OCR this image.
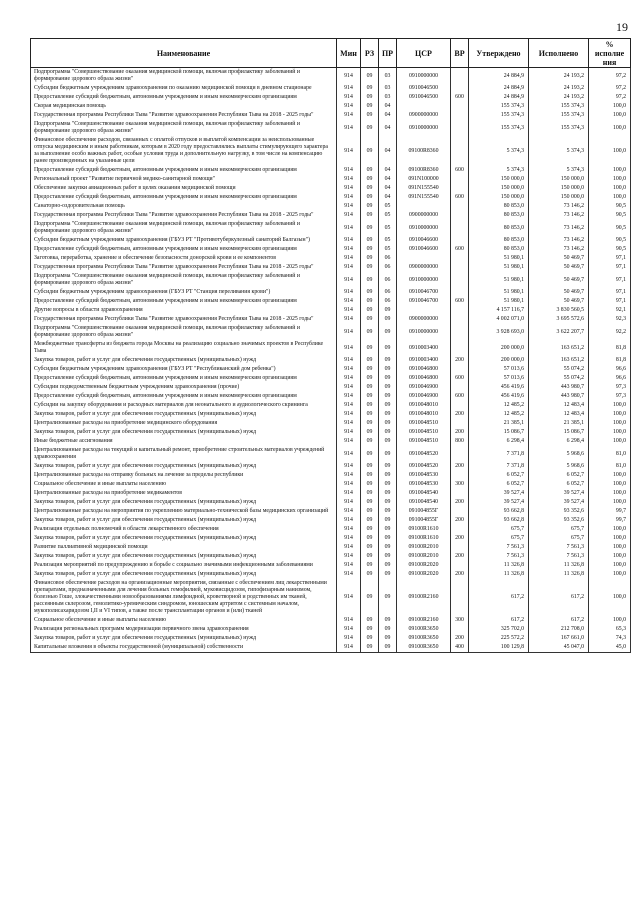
19
Наименование	Мин	РЗ	ПР	ЦСР	ВР	Утверждено	Исполнено	% исполне ния
Подпрограмма "Совершенствование оказания медицинской помощи, включая профилактику заболеваний и формирование здорового образа жизни"	914	09	03	0910000000		24 884,9	24 193,2	97,2
Субсидии бюджетным учреждениям здравоохранения по оказанию медицинской помощи в дневном стационаре	914	09	03	0910046500		24 884,9	24 193,2	97,2
Предоставление субсидий бюджетным, автономным учреждениям и иным некоммерческим организациям	914	09	03	0910046500	600	24 884,9	24 193,2	97,2
Скорая медицинская помощь	914	09	04			155 374,3	155 374,3	100,0
Государственная программа Республики Тыва "Развитие здравоохранения Республики Тыва на 2018 - 2025 годы"	914	09	04	0900000000		155 374,3	155 374,3	100,0
Подпрограмма "Совершенствование оказания медицинской помощи, включая профилактику заболеваний и формирование здорового образа жизни"	914	09	04	0910000000		155 374,3	155 374,3	100,0
Финансовое обеспечение расходов, связанных с оплатой отпусков и выплатой компенсации за неиспользованные отпуска медицинским и иным работникам, которым в 2020 году предоставлялись выплаты стимулирующего характера за выполнение особо важных работ, особые условия труда и дополнительную нагрузку, в том числе на компенсацию ранее произведенных на указанные цели	914	09	04	09100R8360		5 374,3	5 374,3	100,0
Предоставление субсидий бюджетным, автономным учреждениям и иным некоммерческим организациям	914	09	04	09100R8360	600	5 374,3	5 374,3	100,0
Региональный проект "Развитие первичной медико-санитарной помощи"	914	09	04	091N100000		150 000,0	150 000,0	100,0
Обеспечение закупки авиационных работ в целях оказания медицинской помощи	914	09	04	091N155540		150 000,0	150 000,0	100,0
Предоставление субсидий бюджетным, автономным учреждениям и иным некоммерческим организациям	914	09	04	091N155540	600	150 000,0	150 000,0	100,0
Санаторно-оздоровительная помощь	914	09	05			80 853,0	73 146,2	90,5
Государственная программа Республики Тыва "Развитие здравоохранения Республики Тыва на 2018 - 2025 годы"	914	09	05	0900000000		80 853,0	73 146,2	90,5
Подпрограмма "Совершенствование оказания медицинской помощи, включая профилактику заболеваний и формирование здорового образа жизни"	914	09	05	0910000000		80 853,0	73 146,2	90,5
Субсидии бюджетным учреждениям здравоохранения (ГБУЗ РТ "Противотуберкулезный санаторий Балгазын")	914	09	05	0910046600		80 853,0	73 146,2	90,5
Предоставление субсидий бюджетным, автономным учреждениям и иным некоммерческим организациям	914	09	05	0910046600	600	80 853,0	73 146,2	90,5
Заготовка, переработка, хранение и обеспечение безопасности донорской крови и ее компонентов	914	09	06			51 980,1	50 469,7	97,1
Государственная программа Республики Тыва "Развитие здравоохранения Республики Тыва на 2018 - 2025 годы"	914	09	06	0900000000		51 980,1	50 469,7	97,1
Подпрограмма "Совершенствование оказания медицинской помощи, включая профилактику заболеваний и формирование здорового образа жизни"	914	09	06	0910000000		51 980,1	50 469,7	97,1
Субсидии бюджетным учреждениям здравоохранения (ГБУЗ РТ "Станция переливания крови")	914	09	06	0910046700		51 980,1	50 469,7	97,1
Предоставление субсидий бюджетным, автономным учреждениям и иным некоммерческим организациям	914	09	06	0910046700	600	51 980,1	50 469,7	97,1
Другие вопросы в области здравоохранения	914	09	09			4 157 116,7	3 830 560,5	92,1
Государственная программа Республики Тыва "Развитие здравоохранения Республики Тыва на 2018 - 2025 годы"	914	09	09	0900000000		4 002 071,0	3 695 572,6	92,3
Подпрограмма "Совершенствование оказания медицинской помощи, включая профилактику заболеваний и формирование здорового образа жизни"	914	09	09	0910000000		3 928 693,0	3 622 207,7	92,2
Межбюджетные трансферты из бюджета города Москвы на реализацию социально значимых проектов в Республике Тыва	914	09	09	0910003400		200 000,0	163 651,2	81,8
Закупка товаров, работ и услуг для обеспечения государственных (муниципальных) нужд	914	09	09	0910003400	200	200 000,0	163 651,2	81,8
Субсидии бюджетным учреждениям здравоохранения (ГБУЗ РТ "Республиканский дом ребенка")	914	09	09	0910046800		57 013,6	55 074,2	96,6
Предоставление субсидий бюджетным, автономным учреждениям и иным некоммерческим организациям	914	09	09	0910046800	600	57 013,6	55 074,2	96,6
Субсидии подведомственным бюджетным учреждениям здравоохранения (прочие)	914	09	09	0910046900		456 419,6	443 980,7	97,3
Предоставление субсидий бюджетным, автономным учреждениям и иным некоммерческим организациям	914	09	09	0910046900	600	456 419,6	443 980,7	97,3
Субсидии на закупку оборудования и расходных материалов для неонатального и аудиологического скрининга	914	09	09	0910048010		12 485,2	12 483,4	100,0
Закупка товаров, работ и услуг для обеспечения государственных (муниципальных) нужд	914	09	09	0910048010	200	12 485,2	12 483,4	100,0
Централизованные расходы на приобретение медицинского оборудования	914	09	09	0910048510		21 385,1	21 385,1	100,0
Закупка товаров, работ и услуг для обеспечения государственных (муниципальных) нужд	914	09	09	0910048510	200	15 086,7	15 086,7	100,0
Иные бюджетные ассигнования	914	09	09	0910048510	800	6 298,4	6 298,4	100,0
Централизованные расходы на текущий и капитальный ремонт, приобретение строительных материалов учреждений здравоохранения	914	09	09	0910048520		7 371,8	5 968,6	81,0
Закупка товаров, работ и услуг для обеспечения государственных (муниципальных) нужд	914	09	09	0910048520	200	7 371,8	5 968,6	81,0
Централизованные расходы на отправку больных на лечение за пределы республики	914	09	09	0910048530		6 052,7	6 052,7	100,0
Социальное обеспечение и иные выплаты населению	914	09	09	0910048530	300	6 052,7	6 052,7	100,0
Централизованные расходы на приобретение медикаментов	914	09	09	0910048540		39 527,4	39 527,4	100,0
Закупка товаров, работ и услуг для обеспечения государственных (муниципальных) нужд	914	09	09	0910048540	200	39 527,4	39 527,4	100,0
Централизованные расходы на мероприятия по укреплению материально-технической базы медицинских организаций	914	09	09	091004855Г		93 662,8	93 352,6	99,7
Закупка товаров, работ и услуг для обеспечения государственных (муниципальных) нужд	914	09	09	091004855Г	200	93 662,8	93 352,6	99,7
Реализация отдельных полномочий в области лекарственного обеспечения	914	09	09	09100R1610		675,7	675,7	100,0
Закупка товаров, работ и услуг для обеспечения государственных (муниципальных) нужд	914	09	09	09100R1610	200	675,7	675,7	100,0
Развитие паллиативной медицинской помощи	914	09	09	09100R2010		7 561,3	7 561,3	100,0
Закупка товаров, работ и услуг для обеспечения государственных (муниципальных) нужд	914	09	09	09100R2010	200	7 561,3	7 561,3	100,0
Реализация мероприятий по предупреждению и борьбе с социально значимыми инфекционными заболеваниями	914	09	09	09100R2020		11 326,8	11 326,8	100,0
Закупка товаров, работ и услуг для обеспечения государственных (муниципальных) нужд	914	09	09	09100R2020	200	11 326,8	11 326,8	100,0
Финансовое обеспечение расходов на организационные мероприятия, связанные с обеспечением лиц лекарственными препаратами, предназначенными для лечения больных гемофилией, муковисцидозом, гипофизарным нанизмом, болезнью Гоше, злокачественными новообразованиями лимфоидной, кроветворной и родственных им тканей, рассеянным склерозом, гемолитико-уремическим синдромом, юношеским артритом с системным началом, мукополисахаридозом I,II и VI типов, а также после трансплантации органов и (или) тканей	914	09	09	09100R2160		617,2	617,2	100,0
Социальное обеспечение и иные выплаты населению	914	09	09	09100R2160	300	617,2	617,2	100,0
Реализация региональных программ модернизации первичного звена здравоохранения	914	09	09	09100R3650		325 702,0	212 708,0	65,3
Закупка товаров, работ и услуг для обеспечения государственных (муниципальных) нужд	914	09	09	09100R3650	200	225 572,2	167 661,0	74,3
Капитальные вложения в объекты государственной (муниципальной) собственности	914	09	09	09100R3650	400	100 129,8	45 047,0	45,0
